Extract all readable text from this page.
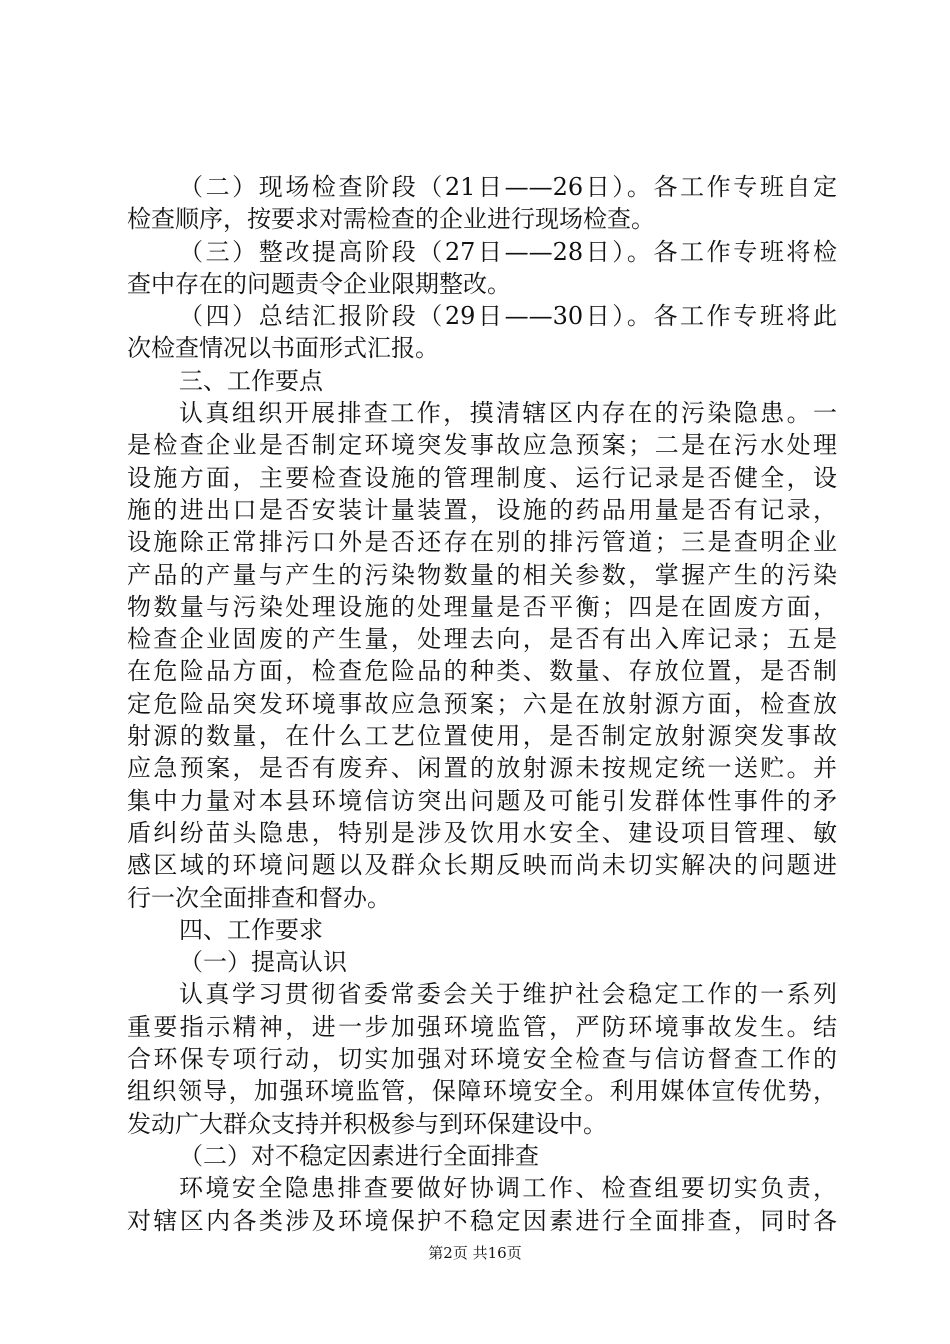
（二）现场检查阶段（21日——26日）。各工作专班自定
检查顺序，按要求对需检查的企业进行现场检查。
（三）整改提高阶段（27日——28日）。各工作专班将检
查中存在的问题责令企业限期整改。
（四）总结汇报阶段（29日——30日）。各工作专班将此
次检查情况以书面形式汇报。
三、工作要点
认真组织开展排查工作，摸清辖区内存在的污染隐患。一
是检查企业是否制定环境突发事故应急预案；二是在污水处理
设施方面，主要检查设施的管理制度、运行记录是否健全，设
施的进出口是否安装计量装置，设施的药品用量是否有记录，
设施除正常排污口外是否还存在别的排污管道；三是查明企业
产品的产量与产生的污染物数量的相关参数，掌握产生的污染
物数量与污染处理设施的处理量是否平衡；四是在固废方面，
检查企业固废的产生量，处理去向，是否有出入库记录；五是
在危险品方面，检查危险品的种类、数量、存放位置，是否制
定危险品突发环境事故应急预案；六是在放射源方面，检查放
射源的数量，在什么工艺位置使用，是否制定放射源突发事故
应急预案，是否有废弃、闲置的放射源未按规定统一送贮。并
集中力量对本县环境信访突出问题及可能引发群体性事件的矛
盾纠纷苗头隐患，特别是涉及饮用水安全、建设项目管理、敏
感区域的环境问题以及群众长期反映而尚未切实解决的问题进
行一次全面排查和督办。
四、工作要求
（一）提高认识
认真学习贯彻省委常委会关于维护社会稳定工作的一系列
重要指示精神，进一步加强环境监管，严防环境事故发生。结
合环保专项行动，切实加强对环境安全检查与信访督查工作的
组织领导，加强环境监管，保障环境安全。利用媒体宣传优势，
发动广大群众支持并积极参与到环保建设中。
（二）对不稳定因素进行全面排查
环境安全隐患排查要做好协调工作、检查组要切实负责，
对辖区内各类涉及环境保护不稳定因素进行全面排查，同时各
第2页 共16页
